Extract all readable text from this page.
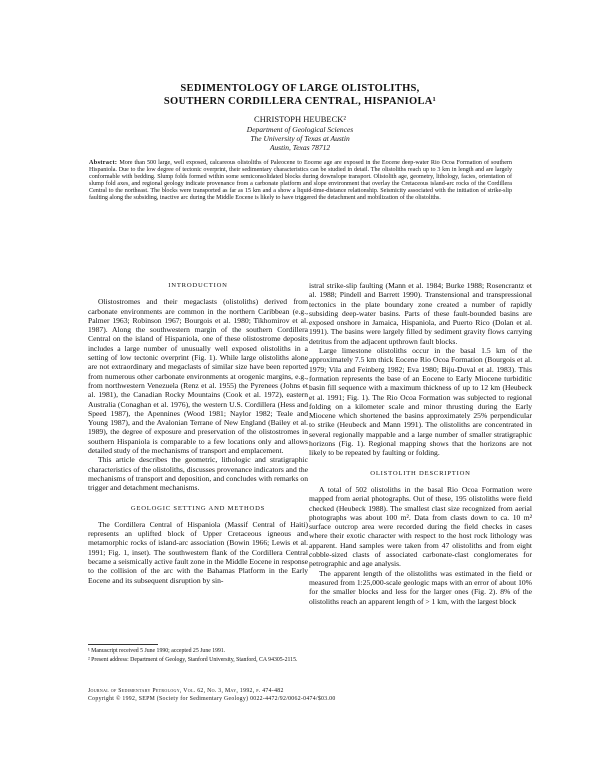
SEDIMENTOLOGY OF LARGE OLISTOLITHS,
SOUTHERN CORDILLERA CENTRAL, HISPANIOLA¹
CHRISTOPH HEUBECK²
Department of Geological Sciences
The University of Texas at Austin
Austin, Texas 78712
Abstract: More than 500 large, well exposed, calcareous olistoliths of Paleocene to Eocene age are exposed in the Eocene deep-water Rio Ocoa Formation of southern Hispaniola. Due to the low degree of tectonic overprint, their sedimentary characteristics can be studied in detail. The olistoliths reach up to 3 km in length and are largely conformable with bedding. Slump folds formed within some semiconsolidated blocks during downslope transport. Olistolith age, geometry, lithology, facies, orientation of slump fold axes, and regional geology indicate provenance from a carbonate platform and slope environment that overlay the Cretaceous island-arc rocks of the Cordillera Central to the northeast. The blocks were transported as far as 15 km and a show a liquid-time-distance relationship. Seismicity associated with the initiation of strike-slip faulting along the subsiding, inactive arc during the Middle Eocene is likely to have triggered the detachment and mobilization of the olistoliths.
INTRODUCTION

Olistostromes and their megaclasts (olistoliths) derived from carbonate environments are common in the northern Caribbean (e.g., Palmer 1963; Robinson 1967; Bourgois et al. 1980; Tikhomirov et al. 1987). Along the southwestern margin of the southern Cordillera Central on the island of Hispaniola, one of these olistostrome deposits includes a large number of unusually well exposed olistoliths in a setting of low tectonic overprint (Fig. 1). While large olistoliths alone are not extraordinary and megaclasts of similar size have been reported from numerous other carbonate environments at orogenic margins, e.g., from northwestern Venezuela (Renz et al. 1955) the Pyrenees (Johns et al. 1981), the Canadian Rocky Mountains (Cook et al. 1972), eastern Australia (Conaghan et al. 1976), the western U.S. Cordillera (Hess and Speed 1987), the Apennines (Wood 1981; Naylor 1982; Teale and Young 1987), and the Avalonian Terrane of New England (Bailey et al. 1989), the degree of exposure and preservation of the olistostromes in southern Hispaniola is comparable to a few locations only and allows detailed study of the mechanisms of transport and emplacement.

This article describes the geometric, lithologic and stratigraphic characteristics of the olistoliths, discusses provenance indicators and the mechanisms of transport and deposition, and concludes with remarks on trigger and detachment mechanisms.

GEOLOGIC SETTING AND METHODS

The Cordillera Central of Hispaniola (Massif Central of Haiti) represents an uplifted block of Upper Cretaceous igneous and metamorphic rocks of island-arc association (Bowin 1966; Lewis et al. 1991; Fig. 1, inset). The southwestern flank of the Cordillera Central became a seismically active fault zone in the Middle Eocene in response to the collision of the arc with the Bahamas Platform in the Early Eocene and its subsequent disruption by sin-

istral strike-slip faulting (Mann et al. 1984; Burke 1988; Rosencrantz et al. 1988; Pindell and Barrett 1990). Transtensional and transpressional tectonics in the plate boundary zone created a number of rapidly subsiding deep-water basins. Parts of these fault-bounded basins are exposed onshore in Jamaica, Hispaniola, and Puerto Rico (Dolan et al. 1991). The basins were largely filled by sediment gravity flows carrying detritus from the adjacent upthrown fault blocks.

Large limestone olistoliths occur in the basal 1.5 km of the approximately 7.5 km thick Eocene Rio Ocoa Formation (Bourgois et al. 1979; Vila and Feinberg 1982; Eva 1980; Biju-Duval et al. 1983). This formation represents the base of an Eocene to Early Miocene turbiditic basin fill sequence with a maximum thickness of up to 12 km (Heubeck et al. 1991; Fig. 1). The Rio Ocoa Formation was subjected to regional folding on a kilometer scale and minor thrusting during the Early Miocene which shortened the basins approximately 25% perpendicular to strike (Heubeck and Mann 1991). The olistoliths are concentrated in several regionally mappable and a large number of smaller stratigraphic horizons (Fig. 1). Regional mapping shows that the horizons are not likely to be repeated by faulting or folding.

OLISTOLITH DESCRIPTION

A total of 502 olistoliths in the basal Rio Ocoa Formation were mapped from aerial photographs. Out of these, 195 olistoliths were field checked (Heubeck 1988). The smallest clast size recognized from aerial photographs was about 100 m². Data from clasts down to ca. 10 m² surface outcrop area were recorded during the field checks in cases where their exotic character with respect to the host rock lithology was apparent. Hand samples were taken from 47 olistoliths and from eight cobble-sized clasts of associated carbonate-clast conglomerates for petrographic and age analysis.

The apparent length of the olistoliths was estimated in the field or measured from 1:25,000-scale geologic maps with an error of about 10% for the smaller blocks and less for the larger ones (Fig. 2). 8% of the olistoliths reach an apparent length of > 1 km, with the largest block

¹ Manuscript received 5 June 1990; accepted 25 June 1991.
² Present address: Department of Geology, Stanford University, Stanford, CA 94305-2115.
Journal of Sedimentary Petrology, Vol. 62, No. 3, May, 1992, p. 474-482
Copyright © 1992, SEPM (Society for Sedimentary Geology) 0022-4472/92/0062-0474/$03.00
